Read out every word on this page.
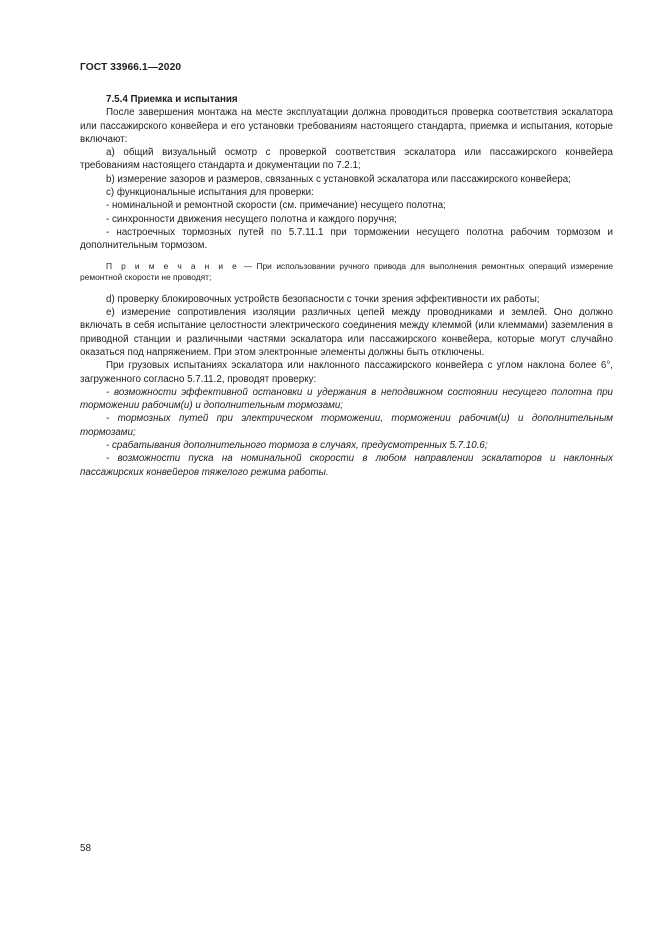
ГОСТ 33966.1—2020

7.5.4 Приемка и испытания

После завершения монтажа на месте эксплуатации должна проводиться проверка соответствия эскалатора или пассажирского конвейера и его установки требованиям настоящего стандарта, приемка и испытания, которые включают:

a) общий визуальный осмотр с проверкой соответствия эскалатора или пассажирского конвейера требованиям настоящего стандарта и документации по 7.2.1;

b) измерение зазоров и размеров, связанных с установкой эскалатора или пассажирского конвейера;

c) функциональные испытания для проверки:

- номинальной и ремонтной скорости (см. примечание) несущего полотна;

- синхронности движения несущего полотна и каждого поручня;

- настроечных тормозных путей по 5.7.11.1 при торможении несущего полотна рабочим тормозом и дополнительным тормозом.

П р и м е ч а н и е — При использовании ручного привода для выполнения ремонтных операций измерение ремонтной скорости не проводят;

d) проверку блокировочных устройств безопасности с точки зрения эффективности их работы;

e) измерение сопротивления изоляции различных цепей между проводниками и землей. Оно должно включать в себя испытание целостности электрического соединения между клеммой (или клеммами) заземления в приводной станции и различными частями эскалатора или пассажирского конвейера, которые могут случайно оказаться под напряжением. При этом электронные элементы должны быть отключены.

При грузовых испытаниях эскалатора или наклонного пассажирского конвейера с углом наклона более 6°, загруженного согласно 5.7.11.2, проводят проверку:

- возможности эффективной остановки и удержания в неподвижном состоянии несущего полотна при торможении рабочим(и) и дополнительным тормозами;

- тормозных путей при электрическом торможении, торможении рабочим(и) и дополнительным тормозами;

- срабатывания дополнительного тормоза в случаях, предусмотренных 5.7.10.6;

- возможности пуска на номинальной скорости в любом направлении эскалаторов и наклонных пассажирских конвейеров тяжелого режима работы.

58
